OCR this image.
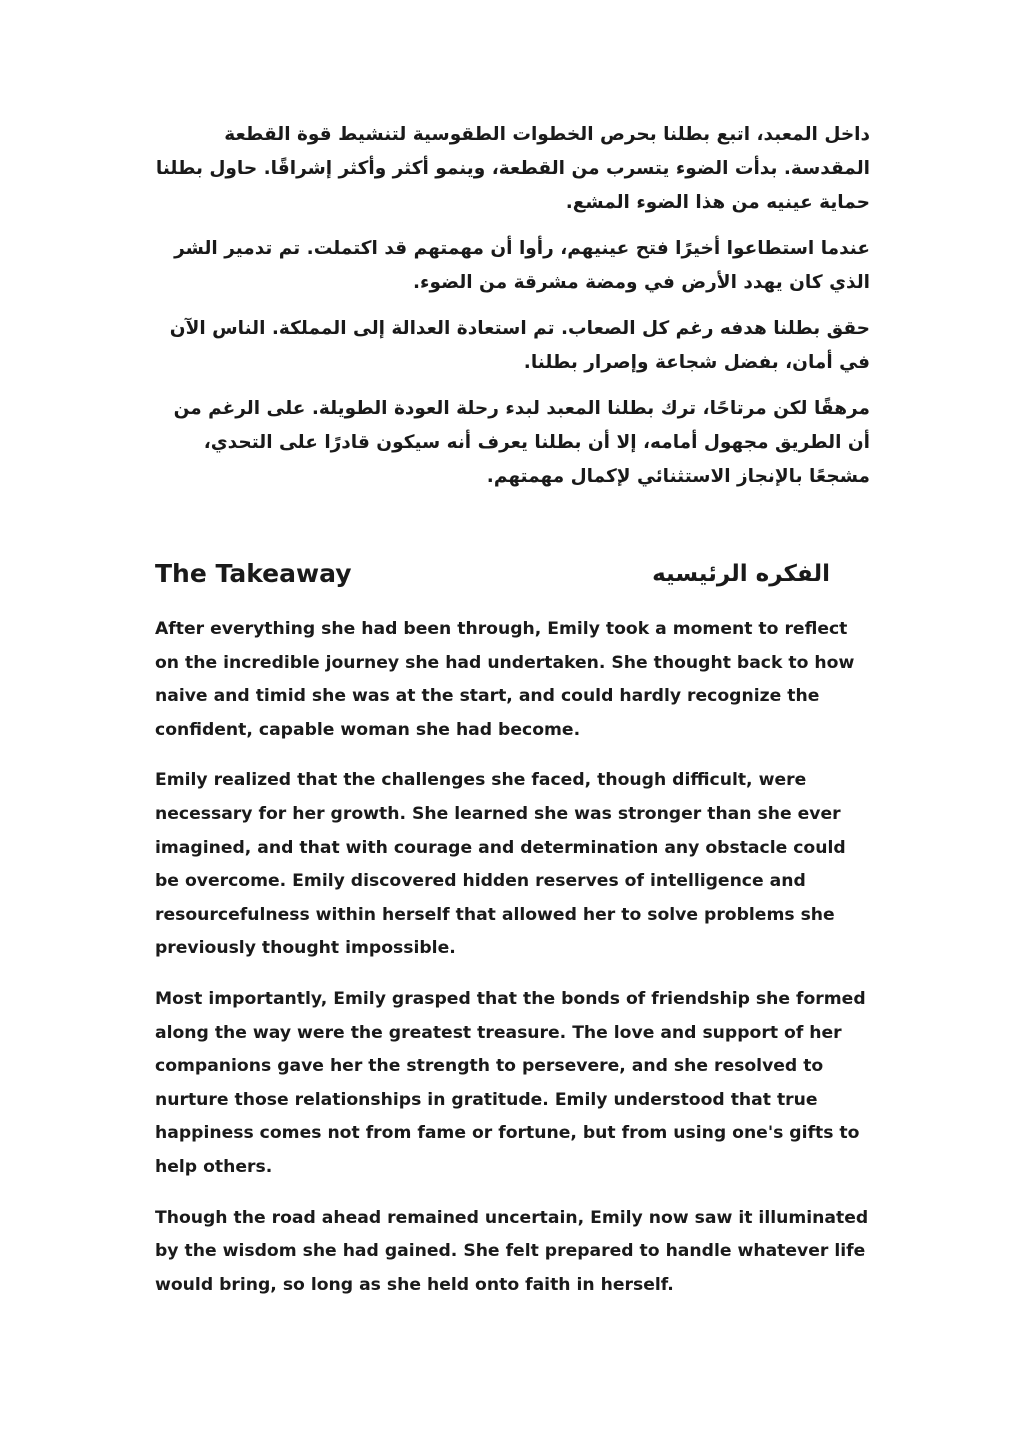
داخل المعبد، اتبع بطلنا بحرص الخطوات الطقوسية لتنشيط قوة القطعة المقدسة. بدأت الضوء يتسرب من القطعة، وينمو أكثر وأكثر إشراقًا. حاول بطلنا حماية عينيه من هذا الضوء المشع.

عندما استطاعوا أخيرًا فتح عينيهم، رأوا أن مهمتهم قد اكتملت. تم تدمير الشر الذي كان يهدد الأرض في ومضة مشرقة من الضوء.

حقق بطلنا هدفه رغم كل الصعاب. تم استعادة العدالة إلى المملكة. الناس الآن في أمان، بفضل شجاعة وإصرار بطلنا.

مرهقًا لكن مرتاحًا، ترك بطلنا المعبد لبدء رحلة العودة الطويلة. على الرغم من أن الطريق مجهول أمامه، إلا أن بطلنا يعرف أنه سيكون قادرًا على التحدي، مشجعًا بالإنجاز الاستثنائي لإكمال مهمتهم.

The Takeaway	الفكره الرئيسيه

After everything she had been through, Emily took a moment to reflect on the incredible journey she had undertaken. She thought back to how naive and timid she was at the start, and could hardly recognize the confident, capable woman she had become.

Emily realized that the challenges she faced, though difficult, were necessary for her growth. She learned she was stronger than she ever imagined, and that with courage and determination any obstacle could be overcome. Emily discovered hidden reserves of intelligence and resourcefulness within herself that allowed her to solve problems she previously thought impossible.

Most importantly, Emily grasped that the bonds of friendship she formed along the way were the greatest treasure. The love and support of her companions gave her the strength to persevere, and she resolved to nurture those relationships in gratitude. Emily understood that true happiness comes not from fame or fortune, but from using one's gifts to help others.

Though the road ahead remained uncertain, Emily now saw it illuminated by the wisdom she had gained. She felt prepared to handle whatever life would bring, so long as she held onto faith in herself.
